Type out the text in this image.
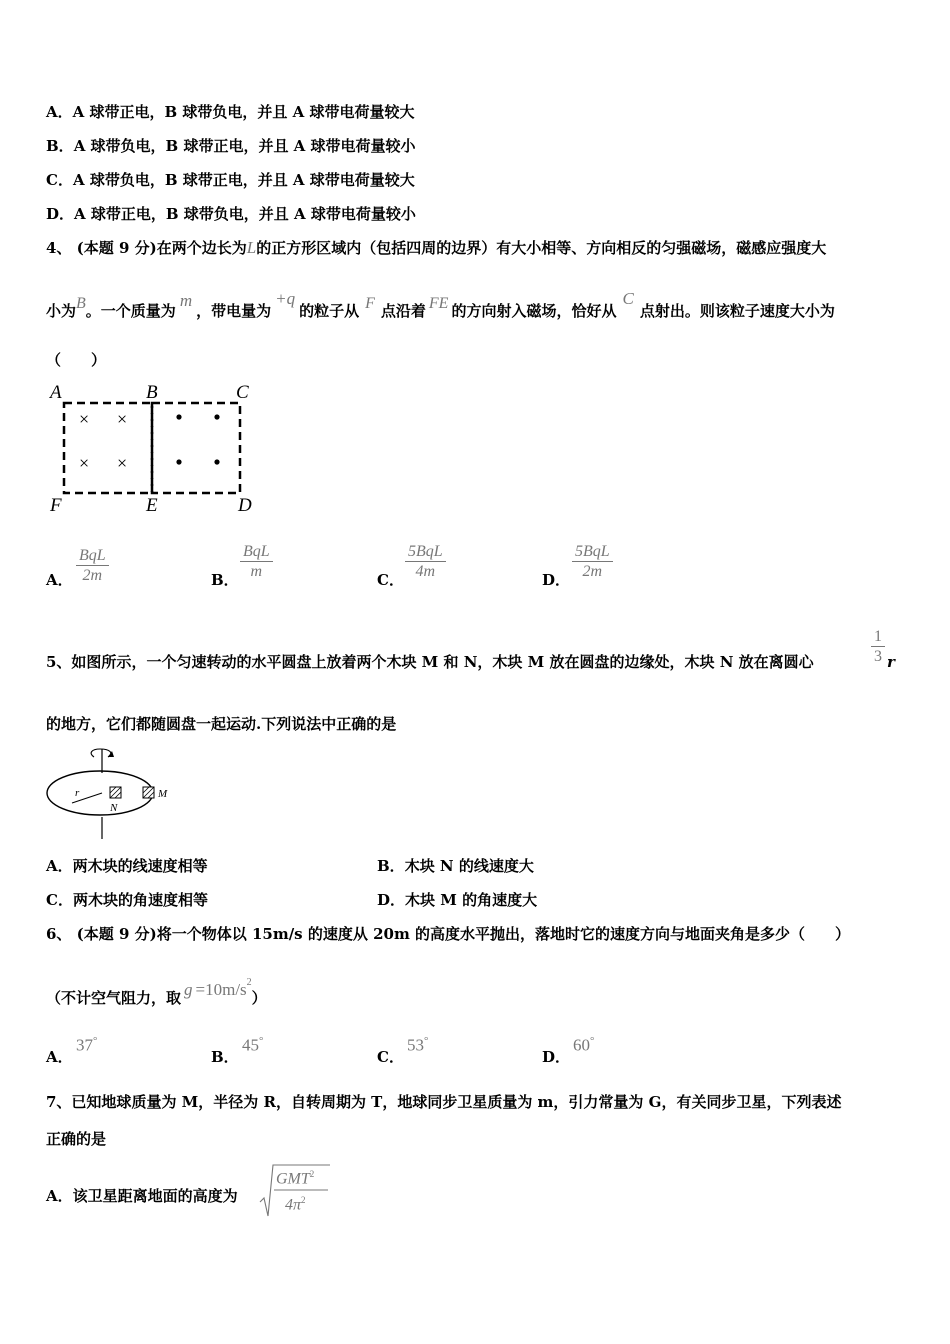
A．A 球带正电，B 球带负电，并且 A 球带电荷量较大
B．A 球带负电，B 球带正电，并且 A 球带电荷量较小
C．A 球带负电，B 球带正电，并且 A 球带电荷量较大
D．A 球带正电，B 球带负电，并且 A 球带电荷量较小
4、 (本题 9 分)在两个边长为L的正方形区域内（包括四周的边界）有大小相等、方向相反的匀强磁场，磁感应强度大
小为B。一个质量为m，带电量为+q的粒子从 F 点沿着 FE 的方向射入磁场，恰好从C点射出。则该粒子速度大小为
（　　）
A	B	C
F	E	D
× ×
× ×
A．
BqL
2m	B．
BqL
m	C．
5BqL
4m	D．
5BqL
2m
5、如图所示，一个匀速转动的水平圆盘上放着两个木块 M 和 N，木块 M 放在圆盘的边缘处，木块 N 放在离圆心	$\frac{1}{3}$ r
的地方，它们都随圆盘一起运动.下列说法中正确的是
r
N
M
A．两木块的线速度相等	B．木块 N 的线速度大
C．两木块的角速度相等	D．木块 M 的角速度大
6、 (本题 9 分)将一个物体以 15m/s 的速度从 20m 的高度水平抛出，落地时它的速度方向与地面夹角是多少（　　）
（不计空气阻力，取 $g =10m/s^2$）
A．
37°
B．
45°
C．
53°
D．
60°
7、已知地球质量为 M，半径为 R，自转周期为 T，地球同步卫星质量为 m，引力常量为 G，有关同步卫星，下列表述
正确的是
A．该卫星距离地面的高度为
GMT$^2$
$4\pi^2$
